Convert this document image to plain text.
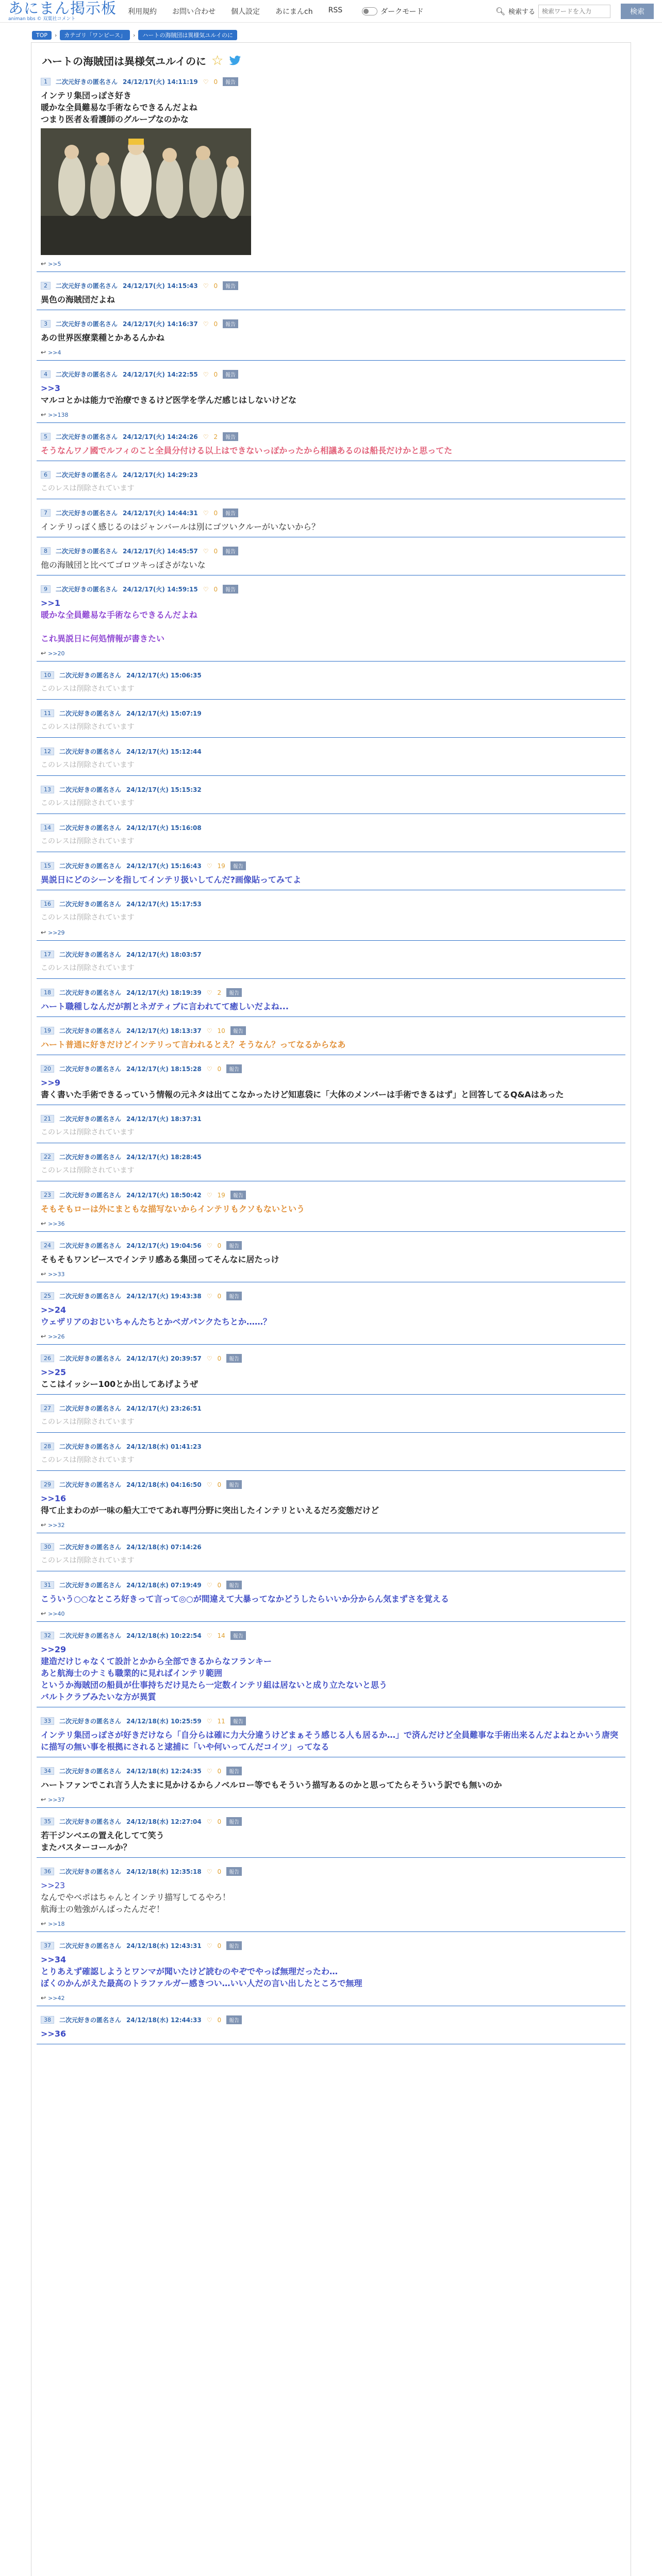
あにまん掲示板
animan bbs © 双葉社コメント
利用規約 お問い合わせ 個人設定 あにまんch RSS	ダークモード	🔍︎ 検索する
検索ワードを入力	検索
TOP	›	カテゴリ「ワンピース」	›	ハートの海賊団は異様気ユルイのに
ハートの海賊団は異様気ユルイのに ☆
1	二次元好きの匿名さん 24/12/17(火) 14:11:19 ♡ 0	報告
インテリ集団っぽさ好き
暖かな全員難易な手術ならできるんだよね
つまり医者＆看護師のグループなのかな
↩ >>5
2	二次元好きの匿名さん 24/12/17(火) 14:15:43 ♡ 0	報告
異色の海賊団だよね
3	二次元好きの匿名さん 24/12/17(火) 14:16:37 ♡ 0	報告
あの世界医療業種とかあるんかね
↩ >>4
4	二次元好きの匿名さん 24/12/17(火) 14:22:55 ♡ 0	報告
>>3
マルコとかは能力で治療できるけど医学を学んだ感じはしないけどな
↩ >>138
5	二次元好きの匿名さん 24/12/17(火) 14:24:26 ♡ 2	報告
そうなんワノ國でルフィのこと全員分付ける以上はできないっぽかったから相議あるのは船長だけかと思ってた
6	二次元好きの匿名さん 24/12/17(火) 14:29:23
このレスは削除されています
7	二次元好きの匿名さん 24/12/17(火) 14:44:31 ♡ 0	報告
インテリっぽく感じるのはジャンバールは別にゴツいクルーがいないから？
8	二次元好きの匿名さん 24/12/17(火) 14:45:57 ♡ 0	報告
他の海賊団と比べてゴロツキっぽさがないな
9	二次元好きの匿名さん 24/12/17(火) 14:59:15 ♡ 0	報告
>>1
暖かな全員難易な手術ならできるんだよね

これ異説日に何処情報が書きたい
↩ >>20
10	二次元好きの匿名さん 24/12/17(火) 15:06:35
このレスは削除されています
11	二次元好きの匿名さん 24/12/17(火) 15:07:19
このレスは削除されています
12	二次元好きの匿名さん 24/12/17(火) 15:12:44
このレスは削除されています
13	二次元好きの匿名さん 24/12/17(火) 15:15:32
このレスは削除されています
14	二次元好きの匿名さん 24/12/17(火) 15:16:08
このレスは削除されています
15	二次元好きの匿名さん 24/12/17(火) 15:16:43 ♡ 19	報告
異説日にどのシーンを指してインテリ扱いしてんだ?画像貼ってみてよ
16	二次元好きの匿名さん 24/12/17(火) 15:17:53
このレスは削除されています
↩ >>29
17	二次元好きの匿名さん 24/12/17(火) 18:03:57
このレスは削除されています
18	二次元好きの匿名さん 24/12/17(火) 18:19:39 ♡ 2	報告
ハート職種しなんだが割とネガティブに言われてて癒しいだよね...
19	二次元好きの匿名さん 24/12/17(火) 18:13:37 ♡ 10	報告
ハート普通に好きだけどインテリって言われるとえ？そうなん？ってなるからなあ
20	二次元好きの匿名さん 24/12/17(火) 18:15:28 ♡ 0	報告
>>9
書く書いた手術できるっていう情報の元ネタは出てこなかったけど知恵袋に「大体のメンバーは手術できるはず」と回答してるQ&Aはあった
21	二次元好きの匿名さん 24/12/17(火) 18:37:31
このレスは削除されています
22	二次元好きの匿名さん 24/12/17(火) 18:28:45
このレスは削除されています
23	二次元好きの匿名さん 24/12/17(火) 18:50:42 ♡ 19	報告
そもそもローは外にまともな描写ないからインテリもクソもないという
↩ >>36
24	二次元好きの匿名さん 24/12/17(火) 19:04:56 ♡ 0	報告
そもそもワンピースでインテリ感ある集団ってそんなに居たっけ
↩ >>33
25	二次元好きの匿名さん 24/12/17(火) 19:43:38 ♡ 0	報告
>>24
ウェザリアのおじいちゃんたちとかベガパンクたちとか……？
↩ >>26
26	二次元好きの匿名さん 24/12/17(火) 20:39:57 ♡ 0	報告
>>25
ここはイッシー100とか出してあげようぜ
27	二次元好きの匿名さん 24/12/17(火) 23:26:51
このレスは削除されています
28	二次元好きの匿名さん 24/12/18(水) 01:41:23
このレスは削除されています
29	二次元好きの匿名さん 24/12/18(水) 04:16:50 ♡ 0	報告
>>16
得て止まわのが一味の船大工でてあれ専門分野に突出したインテリといえるだろ変態だけど
↩ >>32
30	二次元好きの匿名さん 24/12/18(水) 07:14:26
このレスは削除されています
31	二次元好きの匿名さん 24/12/18(水) 07:19:49 ♡ 0	報告
こういう○○なところ好きって言って◎○が間違えて大暴ってなかどうしたらいいか分からん気まずさを覚える
↩ >>40
32	二次元好きの匿名さん 24/12/18(水) 10:22:54 ♡ 14	報告
>>29
建造だけじゃなくて設計とかから全部できるからなフランキー
あと航海士のナミも職業的に見ればインテリ範囲
というか海賊団の船員が仕事持ちだけ見たら一定数インテリ組は居ないと成り立たないと思う
バルトクラブみたいな方が異質
33	二次元好きの匿名さん 24/12/18(水) 10:25:59 ♡ 11	報告
インテリ集団っぽさが好きだけなら「自分らは確に力大分違うけどまぁそう感じる人も居るか…」で済んだけど全員難事な手術出来るんだよねとかいう唐突に描写の無い事を根拠にされると逮捕に「いや何いってんだコイツ」ってなる
34	二次元好きの匿名さん 24/12/18(水) 12:24:35 ♡ 0	報告
ハートファンでこれ言う人たまに見かけるからノベルロー等でもそういう描写あるのかと思ってたらそういう訳でも無いのか
↩ >>37
35	二次元好きの匿名さん 24/12/18(水) 12:27:04 ♡ 0	報告
若干ジンベエの置え化してて笑う
またバスターコールか？
36	二次元好きの匿名さん 24/12/18(水) 12:35:18 ♡ 0	報告
>>23
なんでやベポはちゃんとインテリ描写してるやろ！
航海士の勉強がんばったんだぞ！
↩ >>18
37	二次元好きの匿名さん 24/12/18(水) 12:43:31 ♡ 0	報告
>>34
とりあえず確認しようとワンマが聞いたけど読むのやぞでやっぱ無理だったわ…
ぼくのかんがえた最高のトラファルガー感きつい…いい人だの言い出したところで無理
↩ >>42
38	二次元好きの匿名さん 24/12/18(水) 12:44:33 ♡ 0	報告
>>36
